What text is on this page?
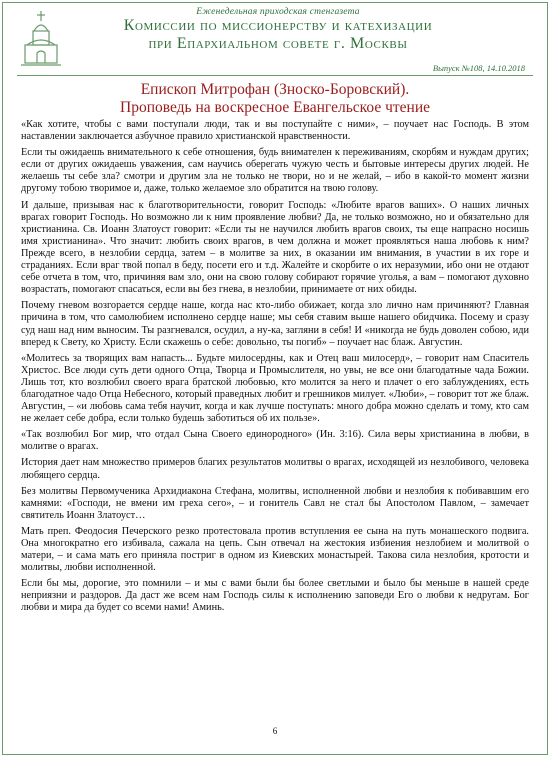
Еженедельная приходская стенгазета
Комиссии по миссионерству и катехизации
при Епархиальном совете г. Москвы
Выпуск №108, 14.10.2018
Епископ Митрофан (Зноско-Боровский).
Проповедь на воскресное Евангельское чтение

«Как хотите, чтобы с вами поступали люди, так и вы поступайте с ними», – поучает нас Господь. В этом наставлении заключается азбучное правило христианской нравственности.

Если ты ожидаешь внимательного к себе отношения, будь внимателен к переживаниям, скорбям и нуждам других; если от других ожидаешь уважения, сам научись оберегать чужую честь и бытовые интересы других людей. Не желаешь ты себе зла? смотри и другим зла не только не твори, но и не желай, – ибо в какой-то момент жизни другому тобою творимое и, даже, только желаемое зло обратится на твою голову.

И дальше, призывая нас к благотворительности, говорит Господь: «Любите врагов ваших». О наших личных врагах говорит Господь. Но возможно ли к ним проявление любви? Да, не только возможно, но и обязательно для христианина. Св. Иоанн Златоуст говорит: «Если ты не научился любить врагов своих, ты еще напрасно носишь имя христианина». Что значит: любить своих врагов, в чем должна и может проявляться наша любовь к ним? Прежде всего, в незлобии сердца, затем – в молитве за них, в оказании им внимания, в участии в их горе и страданиях. Если враг твой попал в беду, посети его и т.д. Жалейте и скорбите о их неразумии, ибо они не отдают себе отчета в том, что, причиняя вам зло, они на свою голову собирают горячие уголья, а вам – помогают духовно возрастать, помогают спасаться, если вы без гнева, в незлобии, принимаете от них обиды.

Почему гневом возгорается сердце наше, когда нас кто-либо обижает, когда зло лично нам причиняют? Главная причина в том, что самолюбием исполнено сердце наше; мы себя ставим выше нашего обидчика. Посему и сразу суд наш над ним выносим. Ты разгневался, осудил, а ну-ка, загляни в себя! И «никогда не будь доволен собою, иди вперед к Свету, ко Христу. Если скажешь о себе: довольно, ты погиб» – поучает нас блаж. Августин.

«Молитесь за творящих вам напасть... Будьте милосердны, как и Отец ваш милосерд», – говорит нам Спаситель Христос. Все люди суть дети одного Отца, Творца и Промыслителя, но увы, не все они благодатные чада Божии. Лишь тот, кто возлюбил своего врага братской любовью, кто молится за него и плачет о его заблуждениях, есть благодатное чадо Отца Небесного, который праведных любит и грешников милует. «Люби», – говорит тот же блаж. Августин, – «и любовь сама тебя научит, когда и как лучше поступать: много добра можно сделать и тому, кто сам не желает себе добра, если только будешь заботиться об их пользе».

«Так возлюбил Бог мир, что отдал Сына Своего единородного» (Ин. 3:16). Сила веры христианина в любви, в молитве о врагах.

История дает нам множество примеров благих результатов молитвы о врагах, исходящей из незлобивого, человека любящего сердца.

Без молитвы Первомученика Архидиакона Стефана, молитвы, исполненной любви и незлобия к побивавшим его камнями: «Господи, не вмени им греха сего», – и гонитель Савл не стал бы Апостолом Павлом, – замечает святитель Иоанн Златоуст…

Мать преп. Феодосия Печерского резко протестовала против вступления ее сына на путь монашеского подвига. Она многократно его избивала, сажала на цепь. Сын отвечал на жестокия избиения незлобием и молитвой о матери, – и сама мать его приняла постриг в одном из Киевских монастырей. Такова сила незлобия, кротости и молитвы, любви исполненной.

Если бы мы, дорогие, это помнили – и мы с вами были бы более светлыми и было бы меньше в нашей среде неприязни и раздоров. Да даст же всем нам Господь силы к исполнению заповеди Его о любви к недругам. Бог любви и мира да будет со всеми нами! Аминь.

6
